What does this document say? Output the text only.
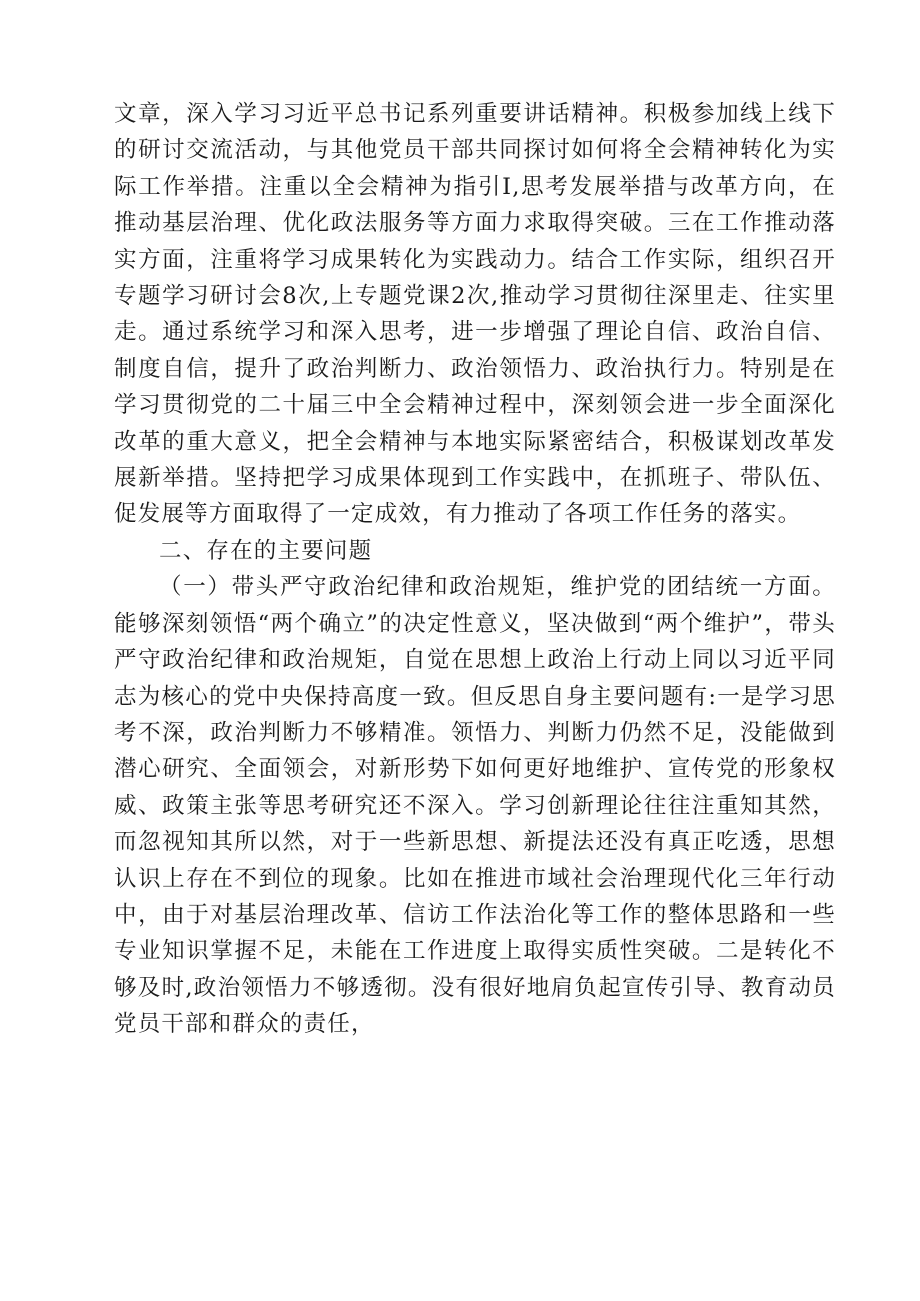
文章，深入学习习近平总书记系列重要讲话精神。积极参加线上线下的研讨交流活动，与其他党员干部共同探讨如何将全会精神转化为实际工作举措。注重以全会精神为指引I,思考发展举措与改革方向，在推动基层治理、优化政法服务等方面力求取得突破。三在工作推动落实方面，注重将学习成果转化为实践动力。结合工作实际，组织召开专题学习研讨会8次,上专题党课2次,推动学习贯彻往深里走、往实里走。通过系统学习和深入思考，进一步增强了理论自信、政治自信、制度自信，提升了政治判断力、政治领悟力、政治执行力。特别是在学习贯彻党的二十届三中全会精神过程中，深刻领会进一步全面深化改革的重大意义，把全会精神与本地实际紧密结合，积极谋划改革发展新举措。坚持把学习成果体现到工作实践中，在抓班子、带队伍、促发展等方面取得了一定成效，有力推动了各项工作任务的落实。

二、存在的主要问题

（一）带头严守政治纪律和政治规矩，维护党的团结统一方面。能够深刻领悟“两个确立”的决定性意义，坚决做到“两个维护”，带头严守政治纪律和政治规矩，自觉在思想上政治上行动上同以习近平同志为核心的党中央保持高度一致。但反思自身主要问题有:一是学习思考不深，政治判断力不够精准。领悟力、判断力仍然不足，没能做到潜心研究、全面领会，对新形势下如何更好地维护、宣传党的形象权威、政策主张等思考研究还不深入。学习创新理论往往注重知其然，而忽视知其所以然，对于一些新思想、新提法还没有真正吃透，思想认识上存在不到位的现象。比如在推进市域社会治理现代化三年行动中，由于对基层治理改革、信访工作法治化等工作的整体思路和一些专业知识掌握不足，未能在工作进度上取得实质性突破。二是转化不够及时,政治领悟力不够透彻。没有很好地肩负起宣传引导、教育动员党员干部和群众的责任，
